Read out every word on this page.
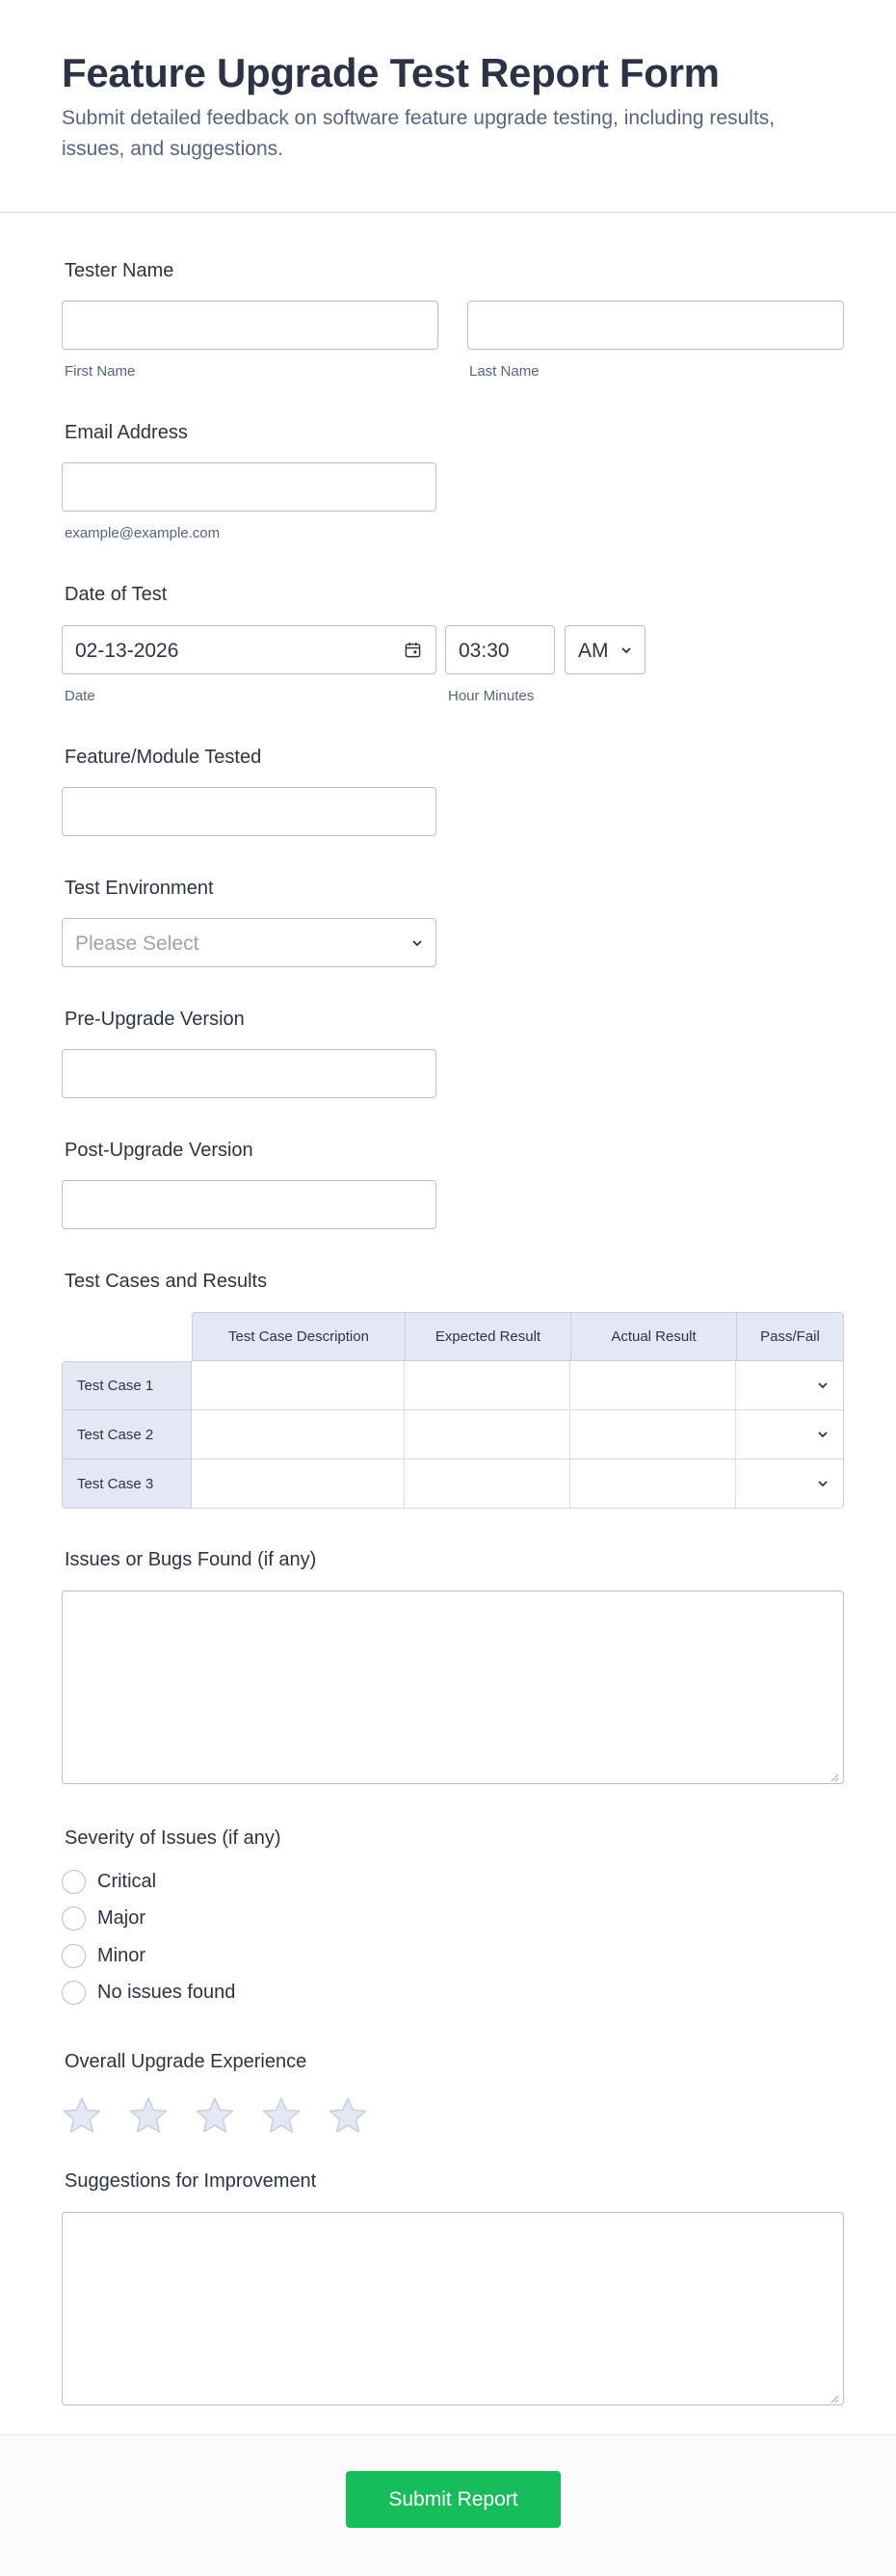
Feature Upgrade Test Report Form
Submit detailed feedback on software feature upgrade testing, including results, issues, and suggestions.
Tester Name
First Name	Last Name
Email Address
example@example.com
Date of Test
02-13-2026	03:30	AM
Date	Hour Minutes
Feature/Module Tested
Test Environment
Please Select
Pre-Upgrade Version
Post-Upgrade Version
Test Cases and Results
Test Case Description	Expected Result	Actual Result	Pass/Fail
Test Case 1
Test Case 2
Test Case 3
Issues or Bugs Found (if any)
Severity of Issues (if any)
Critical
Major
Minor
No issues found
Overall Upgrade Experience
Suggestions for Improvement
Submit Report
